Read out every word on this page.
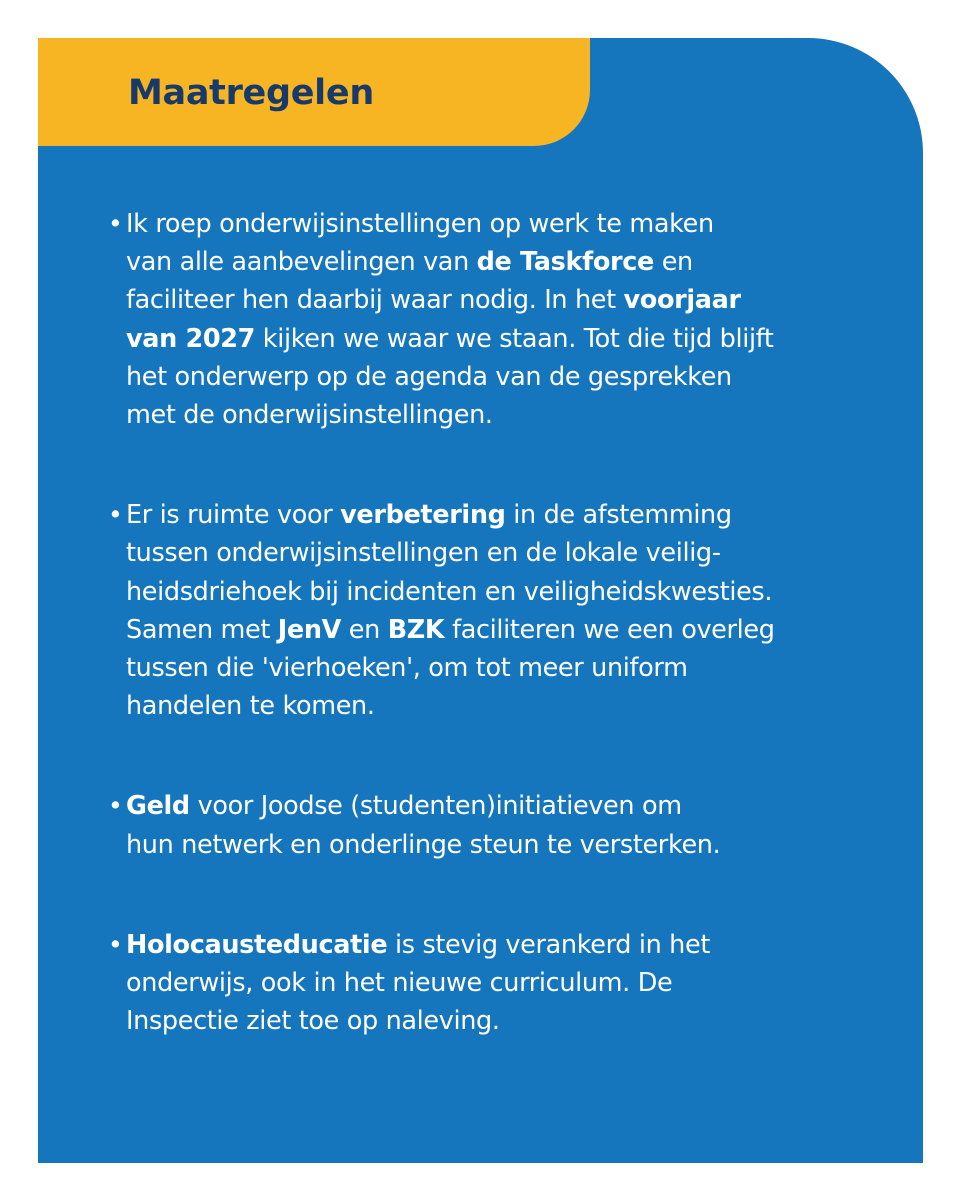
Maatregelen
• Ik roep onderwijsinstellingen op werk te maken
van alle aanbevelingen van de Taskforce en
faciliteer hen daarbij waar nodig. In het voorjaar
van 2027 kijken we waar we staan. Tot die tijd blijft
het onderwerp op de agenda van de gesprekken
met de onderwijsinstellingen.
• Er is ruimte voor verbetering in de afstemming
tussen onderwijsinstellingen en de lokale veilig-
heidsdriehoek bij incidenten en veiligheidskwesties.
Samen met JenV en BZK faciliteren we een overleg
tussen die 'vierhoeken', om tot meer uniform
handelen te komen.
• Geld voor Joodse (studenten)initiatieven om
hun netwerk en onderlinge steun te versterken.
• Holocausteducatie is stevig verankerd in het
onderwijs, ook in het nieuwe curriculum. De
Inspectie ziet toe op naleving.
